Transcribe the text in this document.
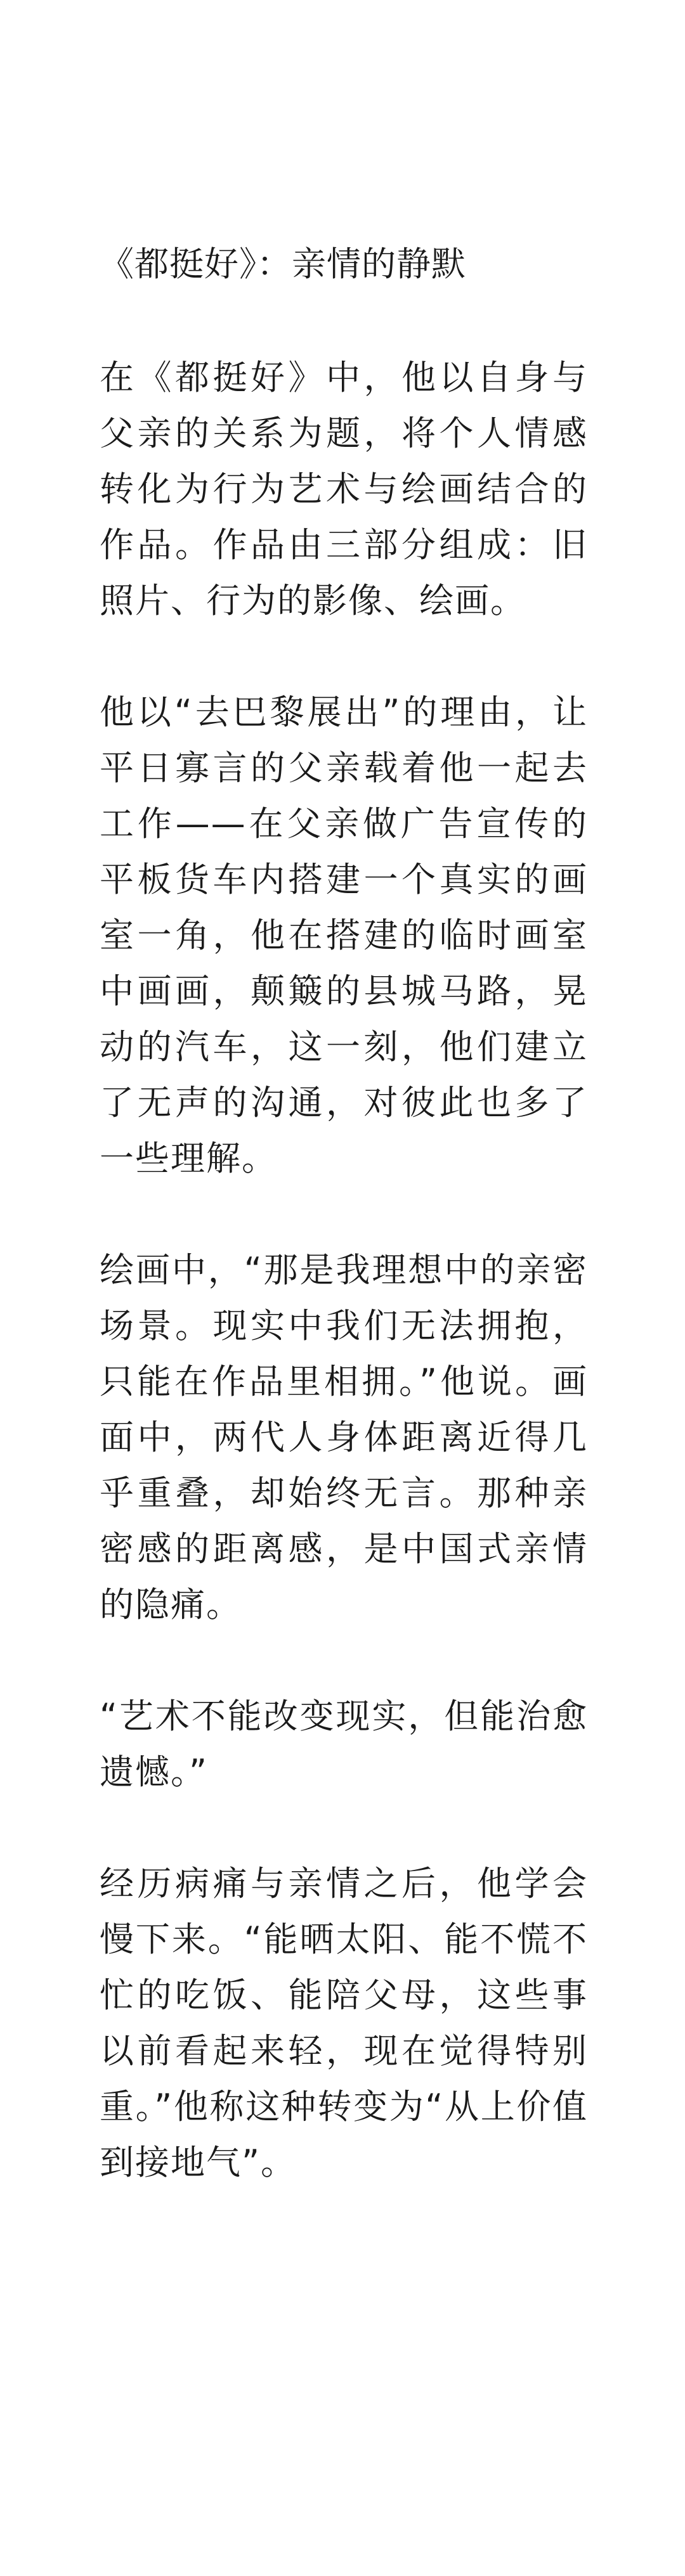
《都挺好》：亲情的静默

在《都挺好》中，他以自身与父亲的关系为题，将个人情感转化为行为艺术与绘画结合的作品。作品由三部分组成：旧照片、行为的影像、绘画。

他以“去巴黎展出”的理由，让平日寡言的父亲载着他一起去工作——在父亲做广告宣传的平板货车内搭建一个真实的画室一角，他在搭建的临时画室中画画，颠簸的县城马路，晃动的汽车，这一刻，他们建立了无声的沟通，对彼此也多了一些理解。

绘画中，“那是我理想中的亲密场景。现实中我们无法拥抱，只能在作品里相拥。”他说。画面中，两代人身体距离近得几乎重叠，却始终无言。那种亲密感的距离感，是中国式亲情的隐痛。

“艺术不能改变现实，但能治愈遗憾。”

经历病痛与亲情之后，他学会慢下来。“能晒太阳、能不慌不忙的吃饭、能陪父母，这些事以前看起来轻，现在觉得特别重。”他称这种转变为“从上价值到接地气”。
